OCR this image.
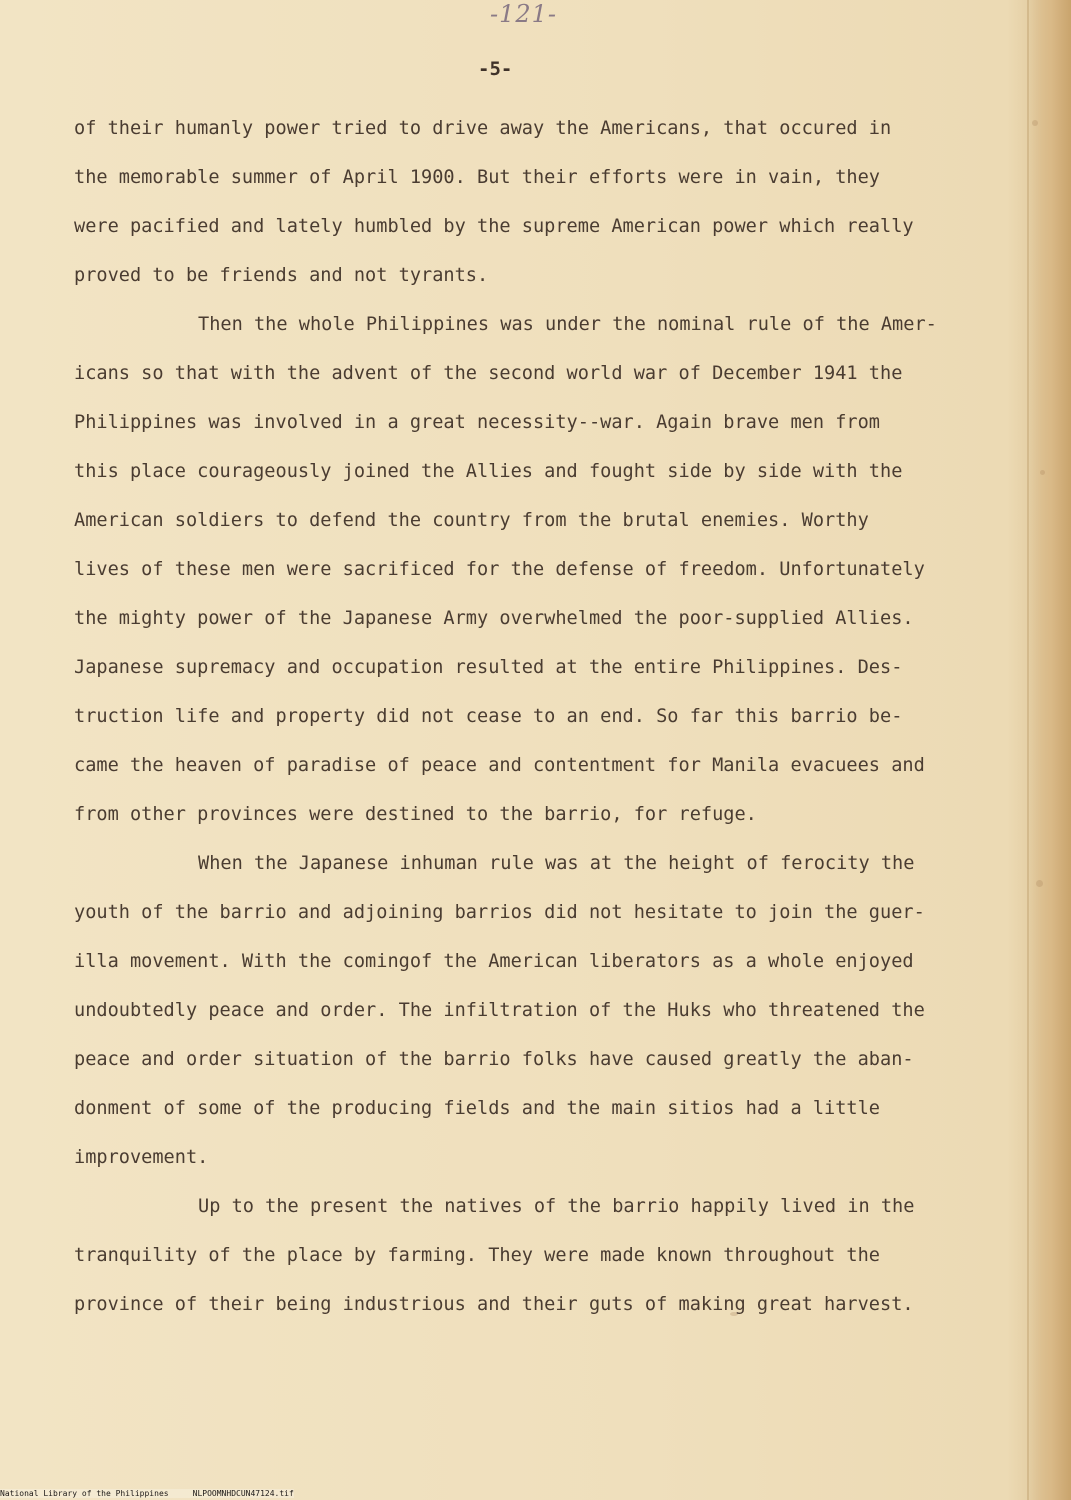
-121-
-5-

of their humanly power tried to drive away the Americans, that occured in
the memorable summer of April 1900. But their efforts were in vain, they
were pacified and lately humbled by the supreme American power which really
proved to be friends and not tyrants.

Then the whole Philippines was under the nominal rule of the Amer-
icans so that with the advent of the second world war of December 1941 the
Philippines was involved in a great necessity--war. Again brave men from
this place courageously joined the Allies and fought side by side with the
American soldiers to defend the country from the brutal enemies. Worthy
lives of these men were sacrificed for the defense of freedom. Unfortunately
the mighty power of the Japanese Army overwhelmed the poor-supplied Allies.
Japanese supremacy and occupation resulted at the entire Philippines. Des-
truction life and property did not cease to an end. So far this barrio be-
came the heaven of paradise of peace and contentment for Manila evacuees and
from other provinces were destined to the barrio, for refuge.

When the Japanese inhuman rule was at the height of ferocity the
youth of the barrio and adjoining barrios did not hesitate to join the guer-
illa movement. With the comingof the American liberators as a whole enjoyed
undoubtedly peace and order. The infiltration of the Huks who threatened the
peace and order situation of the barrio folks have caused greatly the aban-
donment of some of the producing fields and the main sitios had a little
improvement.

Up to the present the natives of the barrio happily lived in the
tranquility of the place by farming. They were made known throughout the
province of their being industrious and their guts of making great harvest.

National Library of the Philippines     NLPOOMNHDCUN47124.tif
